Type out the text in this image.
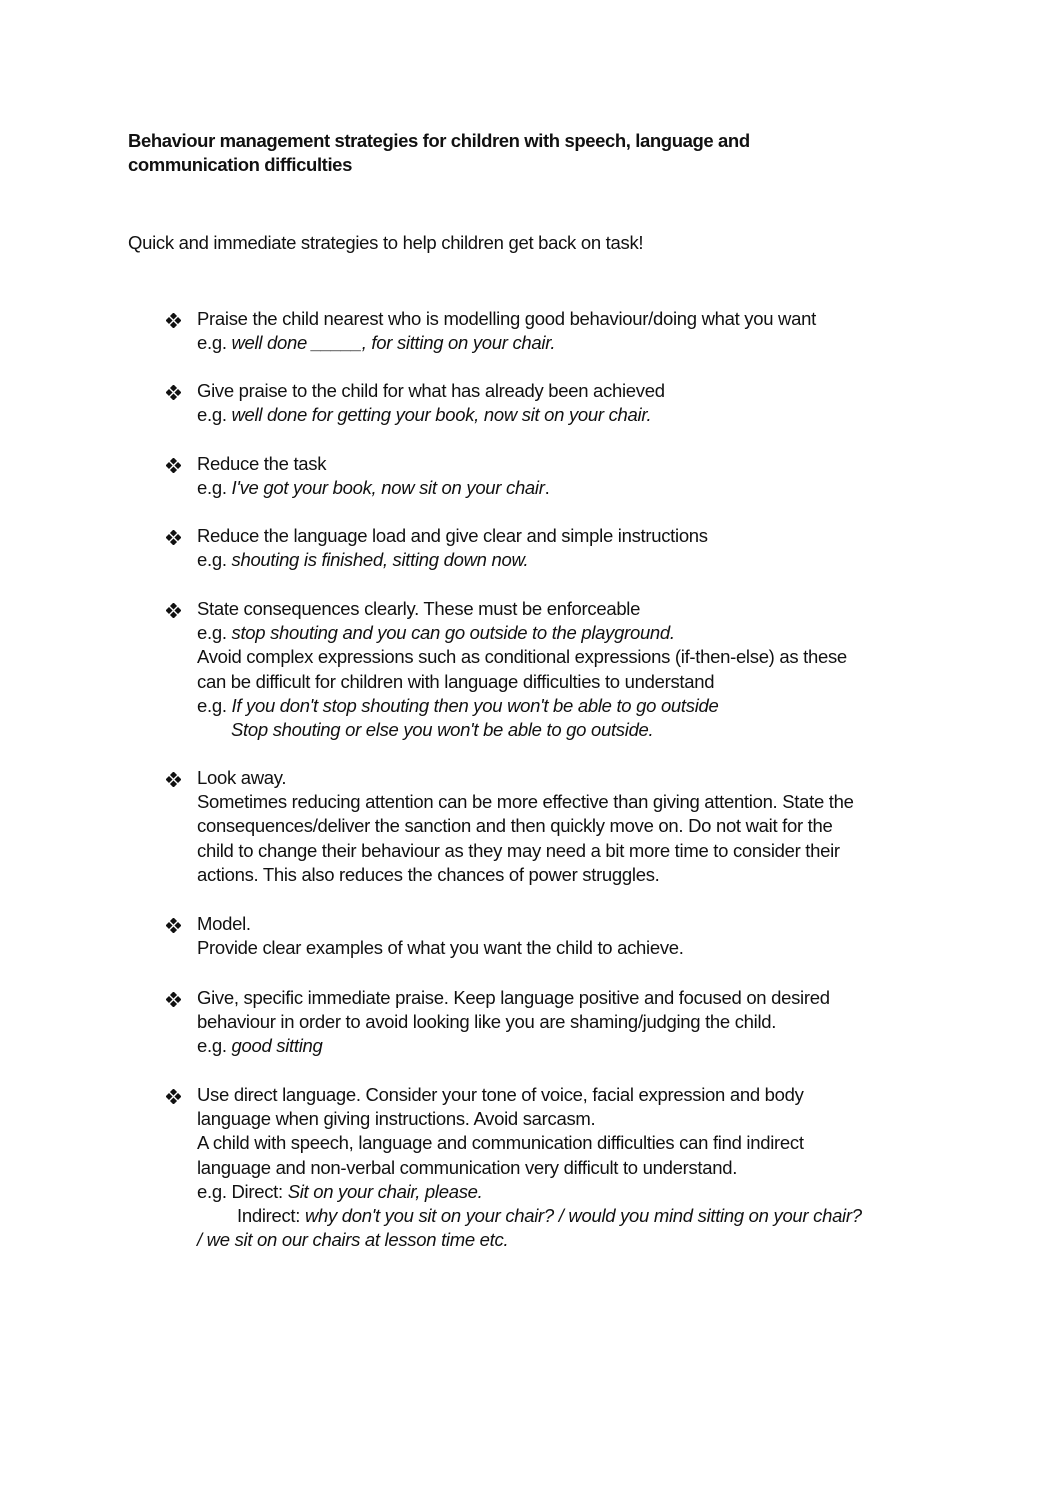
Behaviour management strategies for children with speech, language and
communication difficulties
Quick and immediate strategies to help children get back on task!
Praise the child nearest who is modelling good behaviour/doing what you want
e.g. well done _____, for sitting on your chair.
Give praise to the child for what has already been achieved
e.g. well done for getting your book, now sit on your chair.
Reduce the task
e.g. I've got your book, now sit on your chair.
Reduce the language load and give clear and simple instructions
e.g. shouting is finished, sitting down now.
State consequences clearly. These must be enforceable
e.g. stop shouting and you can go outside to the playground.
Avoid complex expressions such as conditional expressions (if-then-else) as these
can be difficult for children with language difficulties to understand
e.g. If you don't stop shouting then you won't be able to go outside
Stop shouting or else you won't be able to go outside.
Look away.
Sometimes reducing attention can be more effective than giving attention. State the
consequences/deliver the sanction and then quickly move on. Do not wait for the
child to change their behaviour as they may need a bit more time to consider their
actions. This also reduces the chances of power struggles.
Model.
Provide clear examples of what you want the child to achieve.
Give, specific immediate praise. Keep language positive and focused on desired
behaviour in order to avoid looking like you are shaming/judging the child.
e.g. good sitting
Use direct language. Consider your tone of voice, facial expression and body
language when giving instructions. Avoid sarcasm.
A child with speech, language and communication difficulties can find indirect
language and non-verbal communication very difficult to understand.
e.g. Direct: Sit on your chair, please.
Indirect: why don't you sit on your chair? / would you mind sitting on your chair?
/ we sit on our chairs at lesson time etc.
